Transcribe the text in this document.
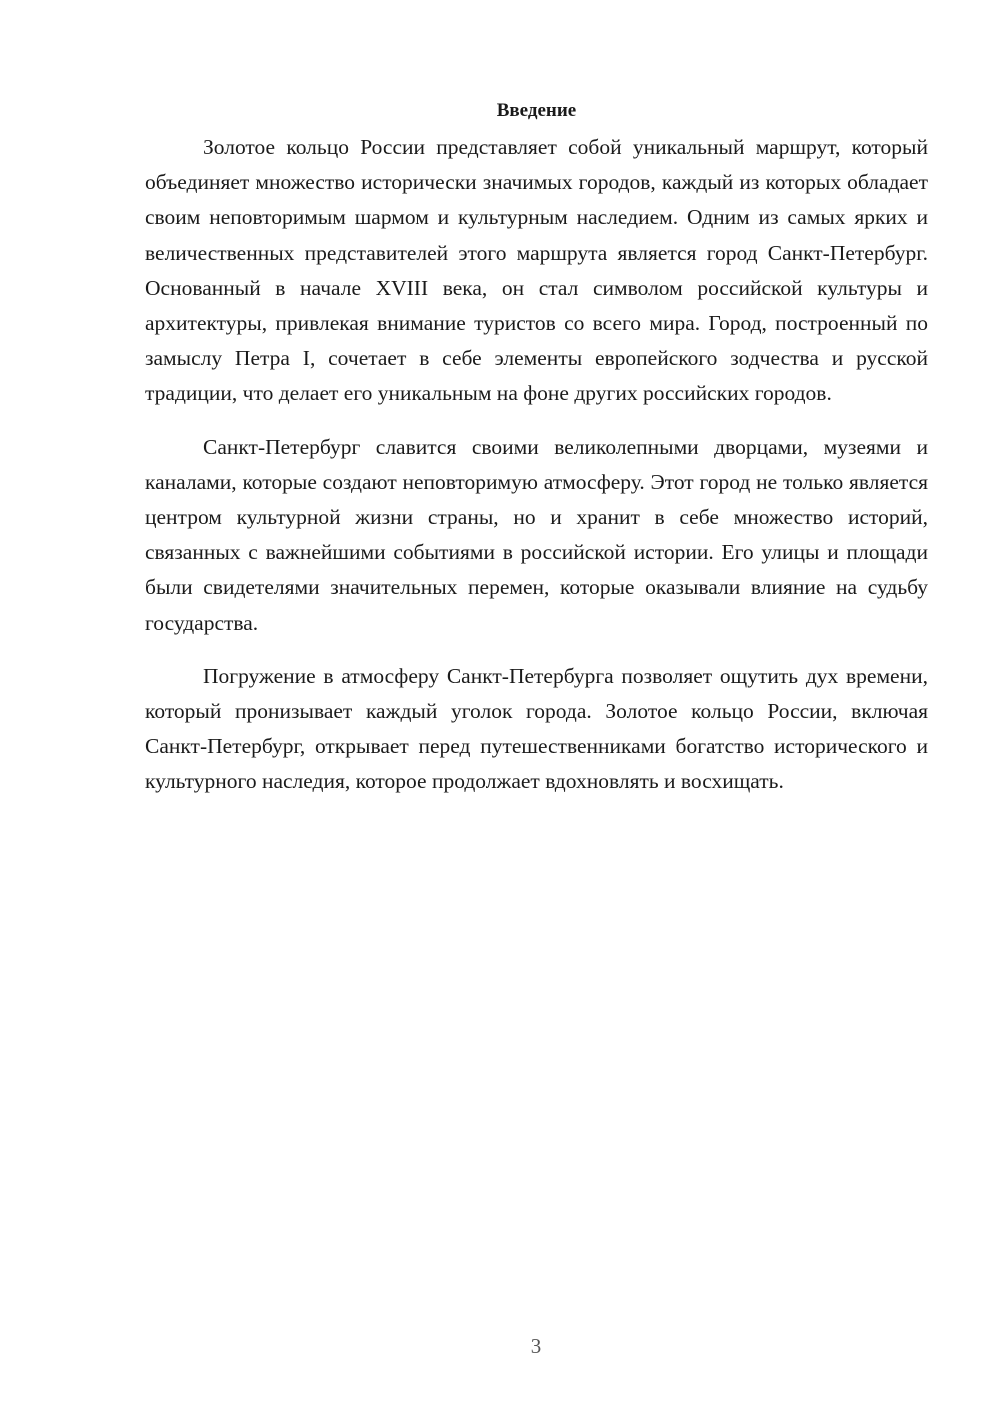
Введение

Золотое кольцо России представляет собой уникальный маршрут, который объединяет множество исторически значимых городов, каждый из которых обладает своим неповторимым шармом и культурным наследием. Одним из самых ярких и величественных представителей этого маршрута является город Санкт-Петербург. Основанный в начале XVIII века, он стал символом российской культуры и архитектуры, привлекая внимание туристов со всего мира. Город, построенный по замыслу Петра I, сочетает в себе элементы европейского зодчества и русской традиции, что делает его уникальным на фоне других российских городов.

Санкт-Петербург славится своими великолепными дворцами, музеями и каналами, которые создают неповторимую атмосферу. Этот город не только является центром культурной жизни страны, но и хранит в себе множество историй, связанных с важнейшими событиями в российской истории. Его улицы и площади были свидетелями значительных перемен, которые оказывали влияние на судьбу государства.

Погружение в атмосферу Санкт-Петербурга позволяет ощутить дух времени, который пронизывает каждый уголок города. Золотое кольцо России, включая Санкт-Петербург, открывает перед путешественниками богатство исторического и культурного наследия, которое продолжает вдохновлять и восхищать.

3
